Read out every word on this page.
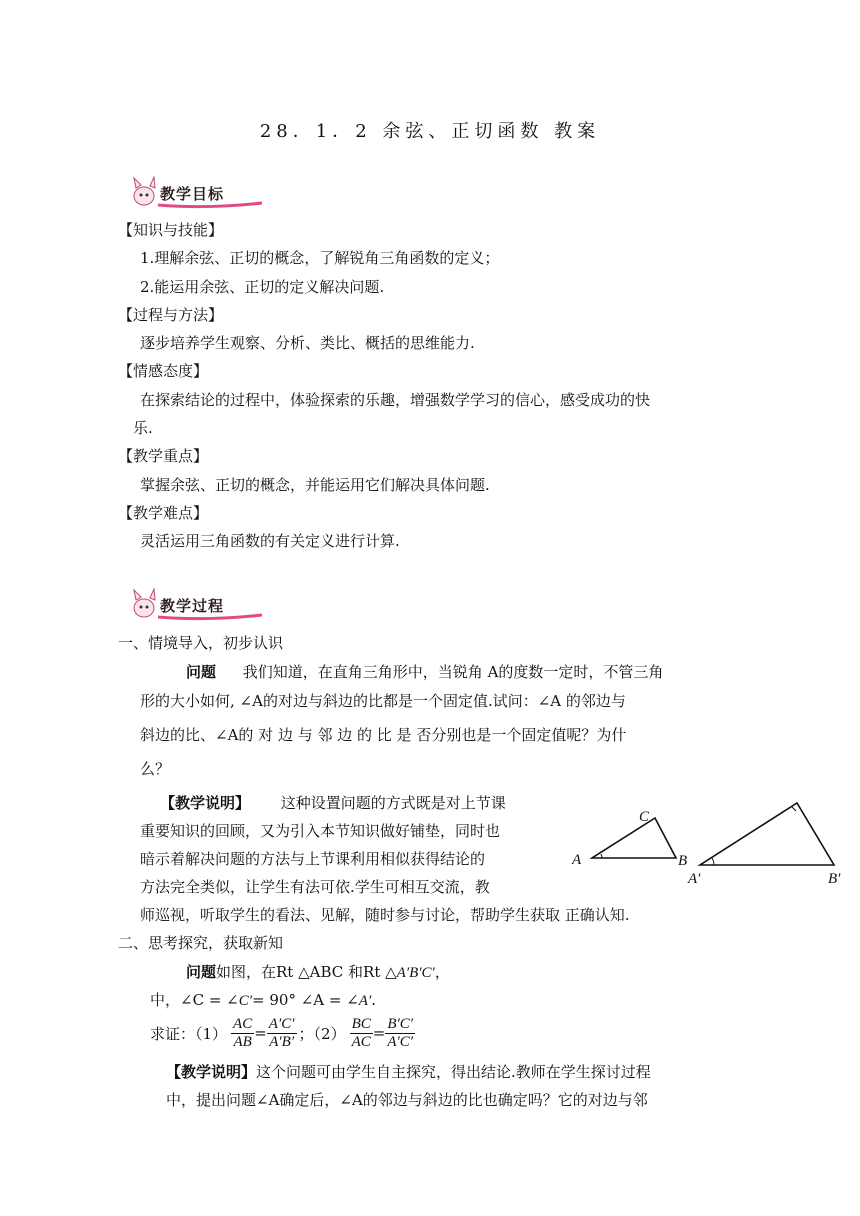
28．1．2 余弦、正切函数 教案
教学目标
【知识与技能】
1.理解余弦、正切的概念，了解锐角三角函数的定义；
2.能运用余弦、正切的定义解决问题.
【过程与方法】
逐步培养学生观察、分析、类比、概括的思维能力.
【情感态度】
在探索结论的过程中，体验探索的乐趣，增强数学学习的信心，感受成功的快
乐.
【教学重点】
掌握余弦、正切的概念，并能运用它们解决具体问题.
【教学难点】
灵活运用三角函数的有关定义进行计算.
教学过程
一、情境导入，初步认识
问题 我们知道，在直角三角形中，当锐角 A的度数一定时，不管三角
形的大小如何, ∠A的对边与斜边的比都是一个固定值.试问：∠A 的邻边与
斜边的比、∠A的 对 边 与 邻 边 的 比 是 否分别也是一个固定值呢？为什
么？
【教学说明】 这种设置问题的方式既是对上节课
重要知识的回顾，又为引入本节知识做好铺垫，同时也
暗示着解决问题的方法与上节课利用相似获得结论的
方法完全类似，让学生有法可依.学生可相互交流，教
师巡视，听取学生的看法、见解，随时参与讨论，帮助学生获取 正确认知.
C
A	B
A′	B′
二、思考探究，获取新知
问题如图，在Rt △ABC 和Rt △A′B′C′，
中，∠C = ∠C′= 90° ∠A = ∠A′.
求证：$(1) \frac{AC}{AB} = \frac{A'C'}{A'B'}$ ；$(2) \frac{BC}{AC} = \frac{B'C'}{A'C'}$
【教学说明】这个问题可由学生自主探究，得出结论.教师在学生探讨过程
中，提出问题∠A确定后，∠A的邻边与斜边的比也确定吗？它的对边与邻
